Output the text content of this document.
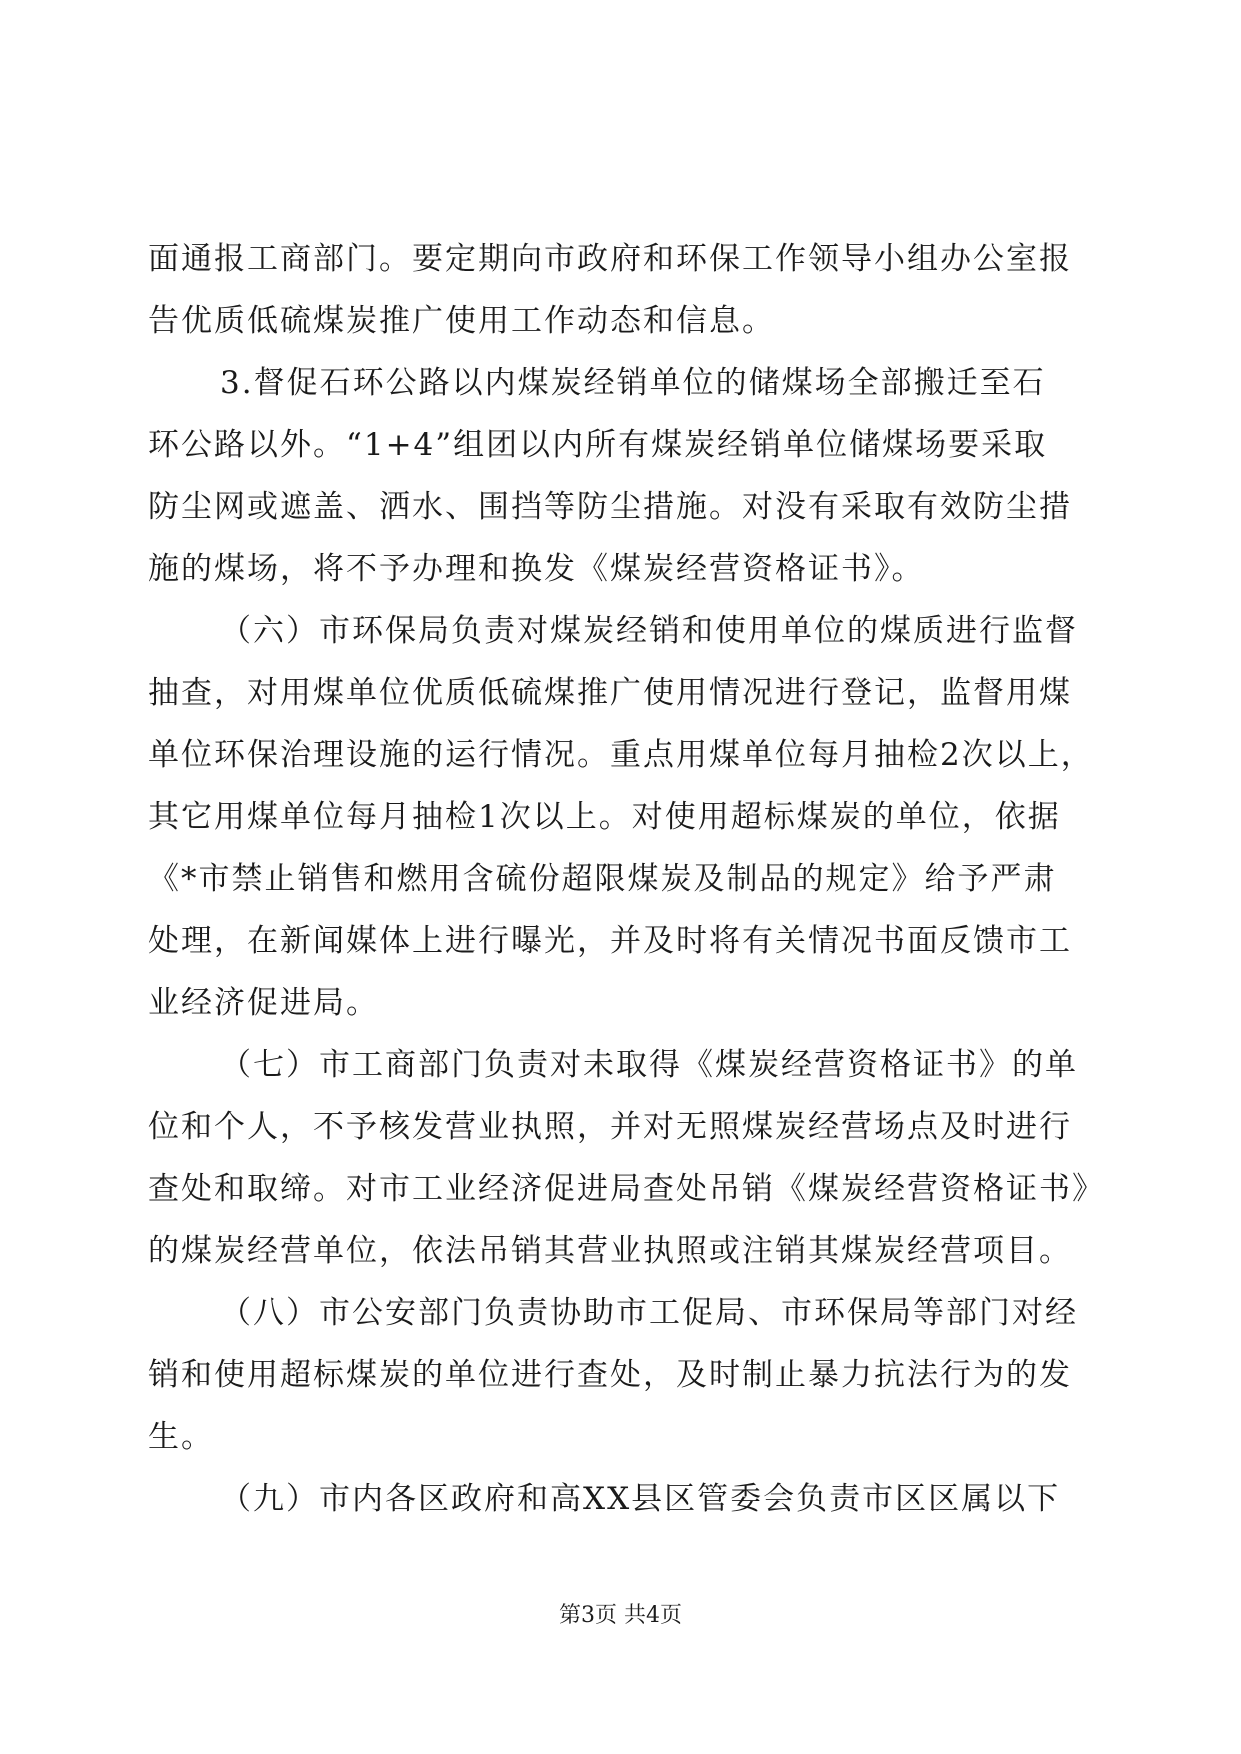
面通报工商部门。要定期向市政府和环保工作领导小组办公室报
告优质低硫煤炭推广使用工作动态和信息。
3.督促石环公路以内煤炭经销单位的储煤场全部搬迁至石
环公路以外。“1+4”组团以内所有煤炭经销单位储煤场要采取
防尘网或遮盖、洒水、围挡等防尘措施。对没有采取有效防尘措
施的煤场，将不予办理和换发《煤炭经营资格证书》。
（六）市环保局负责对煤炭经销和使用单位的煤质进行监督
抽查，对用煤单位优质低硫煤推广使用情况进行登记，监督用煤
单位环保治理设施的运行情况。重点用煤单位每月抽检2次以上，
其它用煤单位每月抽检1次以上。对使用超标煤炭的单位，依据
《*市禁止销售和燃用含硫份超限煤炭及制品的规定》给予严肃
处理，在新闻媒体上进行曝光，并及时将有关情况书面反馈市工
业经济促进局。
（七）市工商部门负责对未取得《煤炭经营资格证书》的单
位和个人，不予核发营业执照，并对无照煤炭经营场点及时进行
查处和取缔。对市工业经济促进局查处吊销《煤炭经营资格证书》
的煤炭经营单位，依法吊销其营业执照或注销其煤炭经营项目。
（八）市公安部门负责协助市工促局、市环保局等部门对经
销和使用超标煤炭的单位进行查处，及时制止暴力抗法行为的发
生。
（九）市内各区政府和高XX县区管委会负责市区区属以下
第3页 共4页
